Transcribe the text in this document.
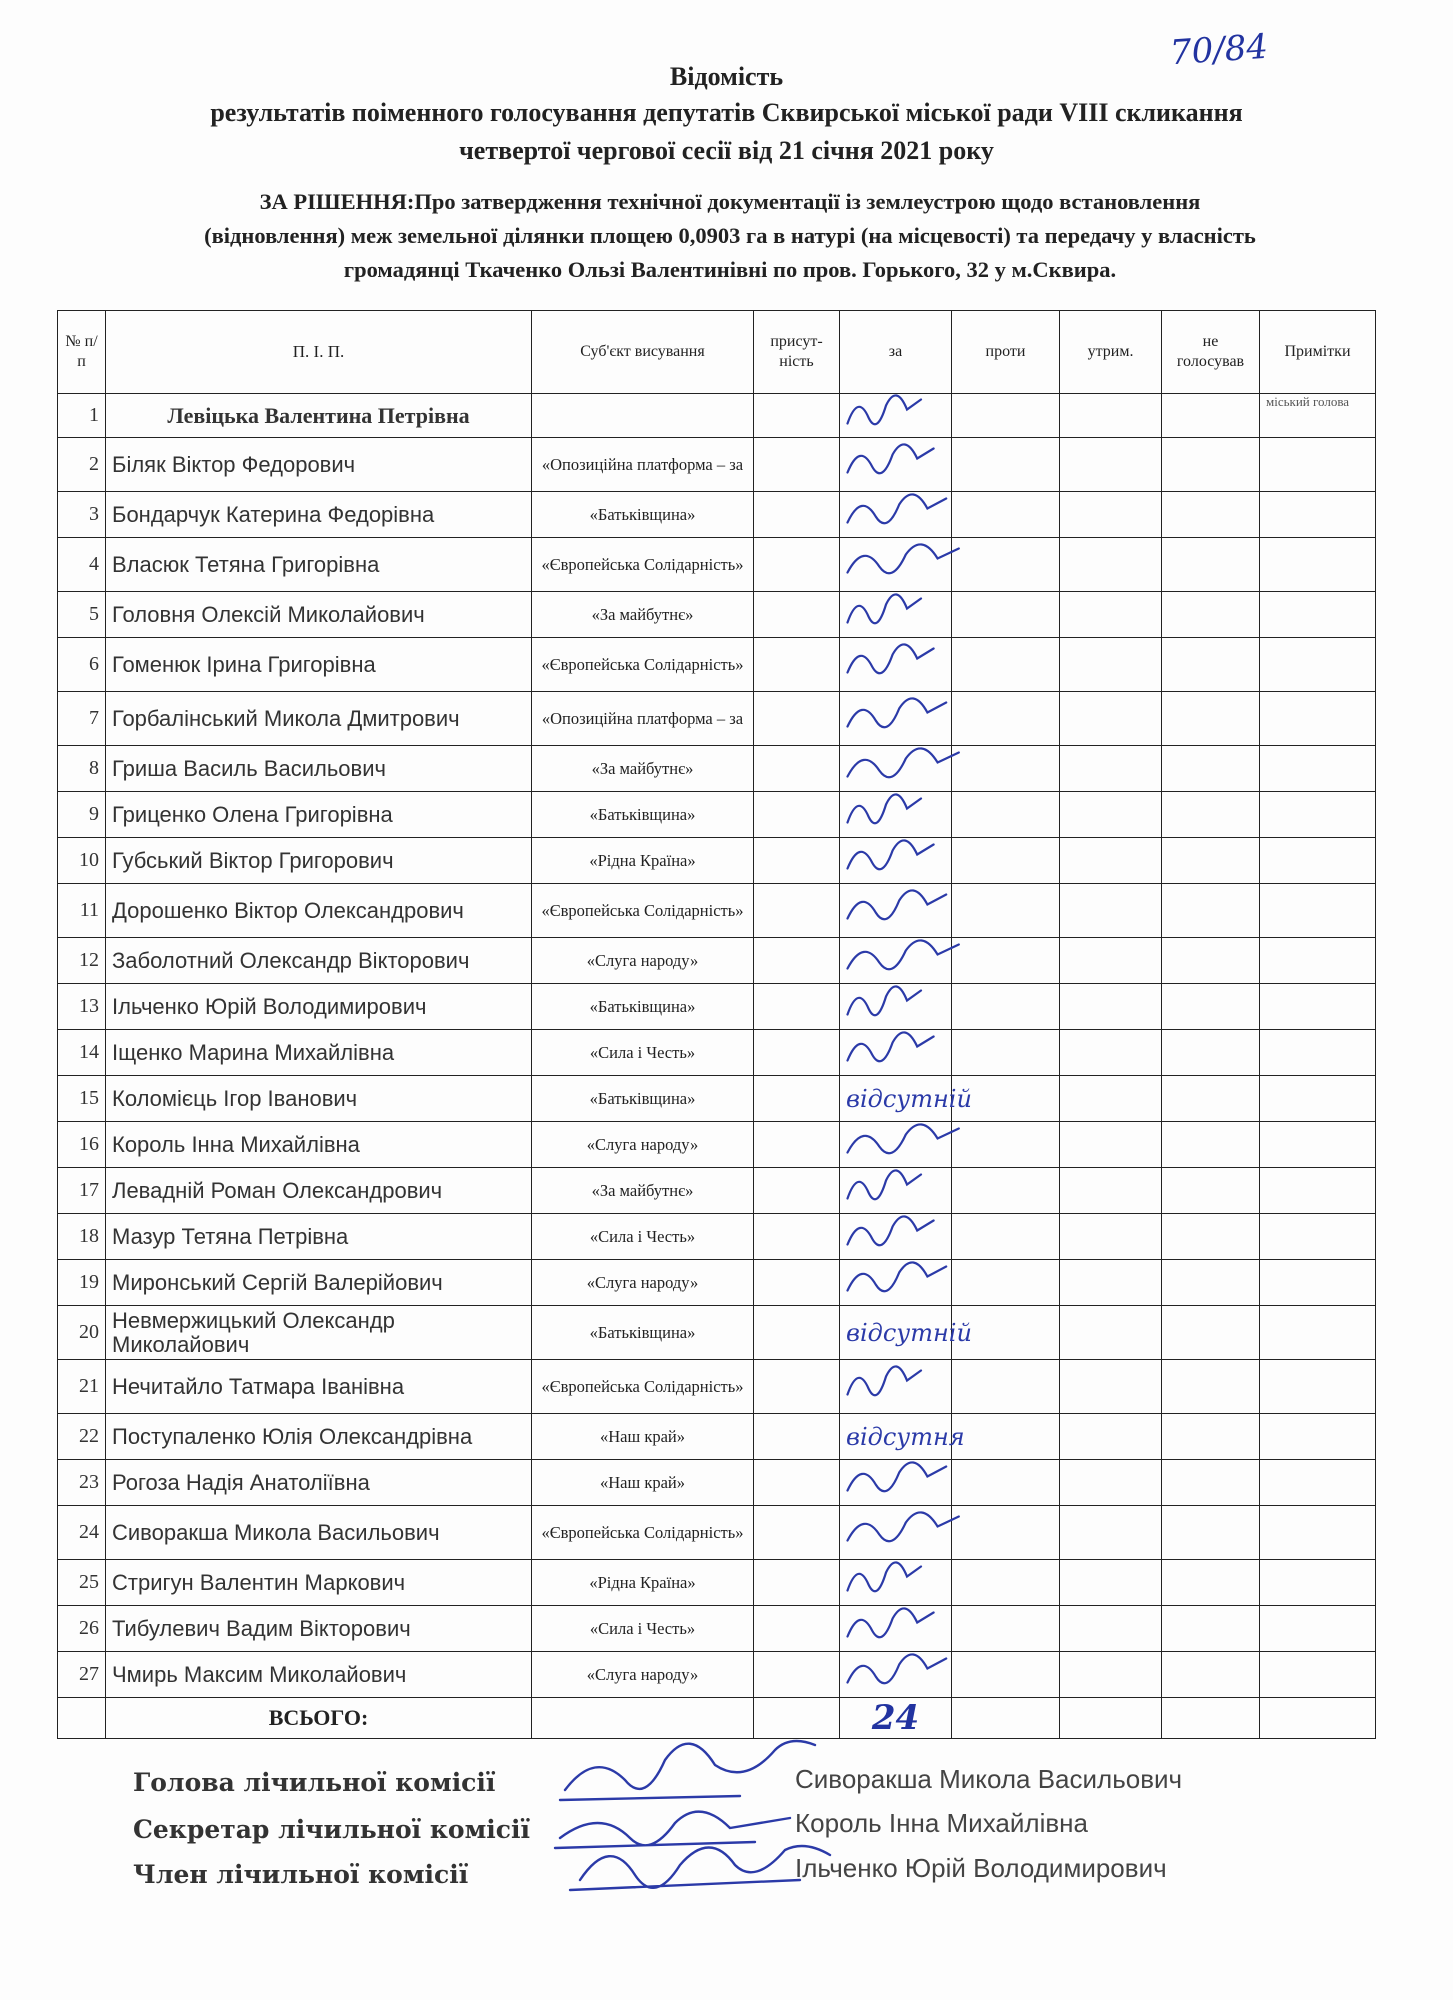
70/84
Відомість
результатів поіменного голосування депутатів Сквирської міської ради VIII скликання
четвертої чергової сесії від 21 січня 2021 року
ЗА РІШЕННЯ:Про затвердження технічної документації із землеустрою щодо встановлення
(відновлення) меж земельної ділянки площею 0,0903 га в натурі (на місцевості) та передачу у власність
громадянці Ткаченко Ользі Валентинівні по пров. Горького, 32 у м.Сквира.
№ п/п	П. І. П.	Суб'єкт висування	присут-ність	за	проти	утрим.	не голосував	Примітки
1	Левіцька Валентина Петрівна							міський голова
2	Біляк Віктор Федорович	«Опозиційна платформа – за						
3	Бондарчук Катерина Федорівна	«Батьківщина»						
4	Власюк Тетяна Григорівна	«Європейська Солідарність»						
5	Головня Олексій Миколайович	«За майбутнє»						
6	Гоменюк Ірина Григорівна	«Європейська Солідарність»						
7	Горбалінський Микола Дмитрович	«Опозиційна платформа – за						
8	Гриша Василь Васильович	«За майбутнє»						
9	Гриценко Олена Григорівна	«Батьківщина»						
10	Губський Віктор Григорович	«Рідна Країна»						
11	Дорошенко Віктор Олександрович	«Європейська Солідарність»						
12	Заболотний Олександр Вікторович	«Слуга народу»						
13	Ільченко Юрій Володимирович	«Батьківщина»						
14	Іщенко Марина Михайлівна	«Сила і Честь»						
15	Коломієць Ігор Іванович	«Батьківщина»		відсутній				
16	Король Інна Михайлівна	«Слуга народу»						
17	Левадній Роман Олександрович	«За майбутнє»						
18	Мазур Тетяна Петрівна	«Сила і Честь»						
19	Миронський Сергій Валерійович	«Слуга народу»						
20	Невмержицький Олександр Миколайович	«Батьківщина»		відсутній				
21	Нечитайло Татмара Іванівна	«Європейська Солідарність»						
22	Поступаленко Юлія Олександрівна	«Наш край»		відсутня				
23	Рогоза Надія Анатоліївна	«Наш край»						
24	Сиворакша Микола Васильович	«Європейська Солідарність»						
25	Стригун Валентин Маркович	«Рідна Країна»						
26	Тибулевич Вадим Вікторович	«Сила і Честь»						
27	Чмирь Максим Миколайович	«Слуга народу»						
	ВСЬОГО:			24				
Голова лічильної комісії
Секретар лічильної комісії
Член лічильної комісії
Сиворакша Микола Васильович
Король Інна Михайлівна
Ільченко Юрій Володимирович
